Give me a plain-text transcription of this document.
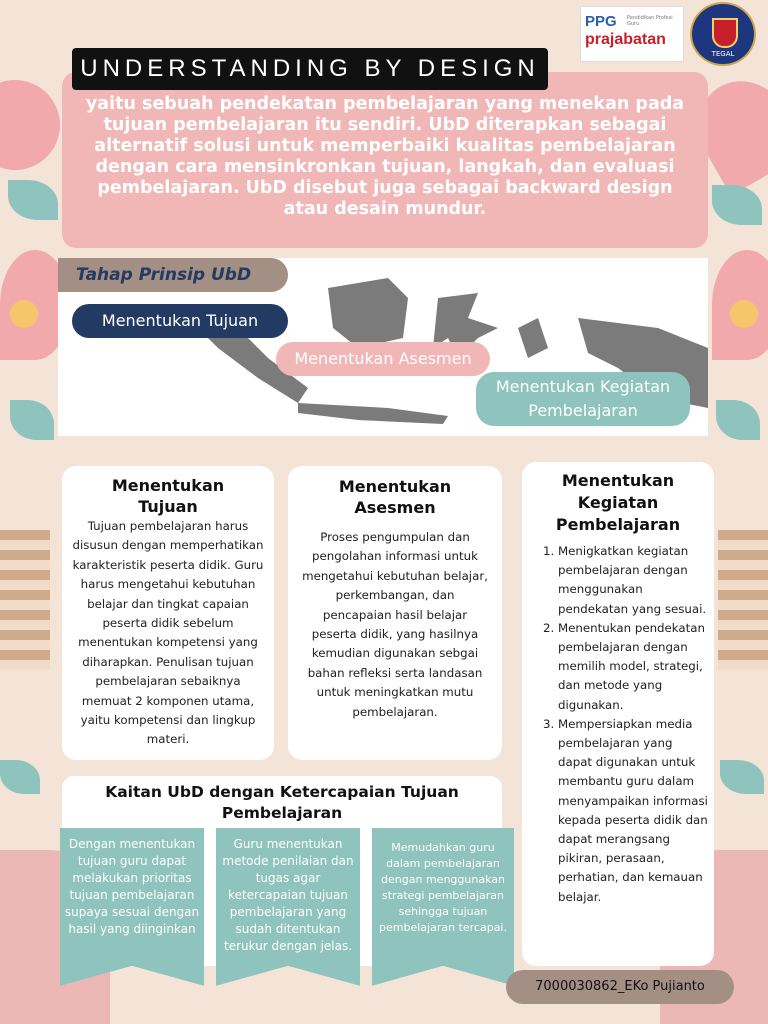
PPG Pendidikan Profesi Guru
prajabatan
TEGAL
yaitu sebuah pendekatan pembelajaran yang menekan pada tujuan pembelajaran itu sendiri. UbD diterapkan sebagai alternatif solusi untuk memperbaiki kualitas pembelajaran dengan cara mensinkronkan tujuan, langkah, dan evaluasi pembelajaran. UbD disebut juga sebagai backward design atau desain mundur.
UNDERSTANDING BY DESIGN
Tahap Prinsip UbD
Menentukan Tujuan
Menentukan Asesmen
Menentukan Kegiatan Pembelajaran
Menentukan Tujuan

Tujuan pembelajaran harus disusun dengan memperhatikan karakteristik peserta didik. Guru harus mengetahui kebutuhan belajar dan tingkat capaian peserta didik sebelum menentukan kompetensi yang diharapkan. Penulisan tujuan pembelajaran sebaiknya memuat 2 komponen utama, yaitu kompetensi dan lingkup materi.

Menentukan Asesmen

Proses pengumpulan dan pengolahan informasi untuk mengetahui kebutuhan belajar, perkembangan, dan pencapaian hasil belajar peserta didik, yang hasilnya kemudian digunakan sebgai bahan refleksi serta landasan untuk meningkatkan mutu pembelajaran.

Menentukan Kegiatan Pembelajaran
1. Menigkatkan kegiatan pembelajaran dengan menggunakan pendekatan yang sesuai.
2. Menentukan pendekatan pembelajaran dengan memilih model, strategi, dan metode yang digunakan.
3. Mempersiapkan media pembelajaran yang dapat digunakan untuk membantu guru dalam menyampaikan informasi kepada peserta didik dan dapat merangsang pikiran, perasaan, perhatian, dan kemauan belajar.
Kaitan UbD dengan Ketercapaian Tujuan Pembelajaran
Dengan menentukan tujuan guru dapat melakukan prioritas tujuan pembelajaran supaya sesuai dengan hasil yang diinginkan
Guru menentukan metode penilaian dan tugas agar ketercapaian tujuan pembelajaran yang sudah ditentukan terukur dengan jelas.
Memudahkan guru dalam pembelajaran dengan menggunakan strategi pembelajaran sehingga tujuan pembelajaran tercapai.
7000030862_EKo Pujianto
